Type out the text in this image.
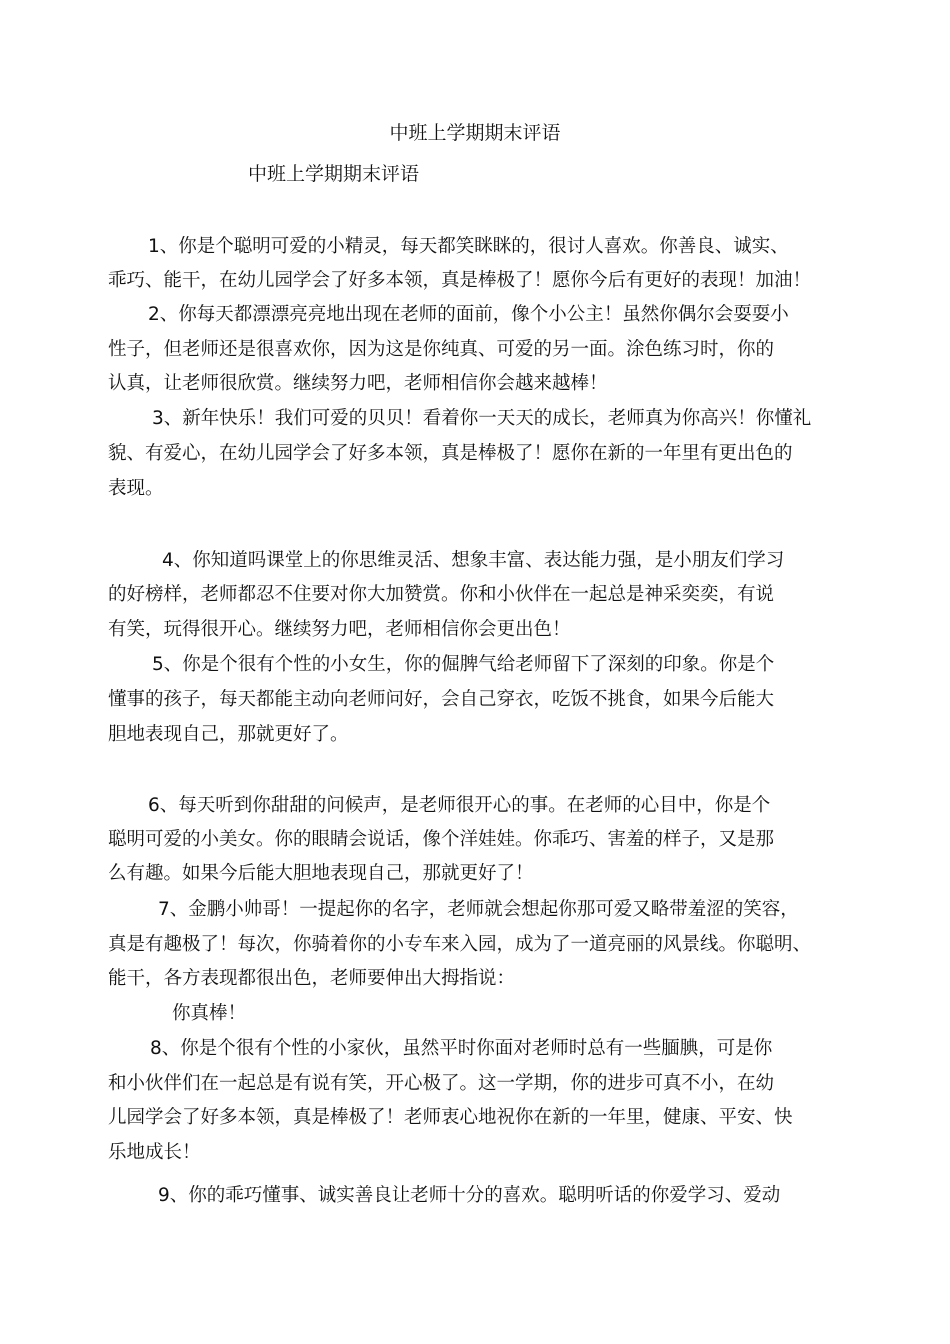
中班上学期期末评语
中班上学期期末评语
1、你是个聪明可爱的小精灵，每天都笑眯眯的，很讨人喜欢。你善良、诚实、
乖巧、能干，在幼儿园学会了好多本领，真是棒极了！愿你今后有更好的表现！加油！
2、你每天都漂漂亮亮地出现在老师的面前，像个小公主！虽然你偶尔会耍耍小
性子，但老师还是很喜欢你，因为这是你纯真、可爱的另一面。涂色练习时，你的
认真，让老师很欣赏。继续努力吧，老师相信你会越来越棒！
3、新年快乐！我们可爱的贝贝！看着你一天天的成长，老师真为你高兴！你懂礼
貌、有爱心，在幼儿园学会了好多本领，真是棒极了！愿你在新的一年里有更出色的
表现。
4、你知道吗课堂上的你思维灵活、想象丰富、表达能力强，是小朋友们学习
的好榜样，老师都忍不住要对你大加赞赏。你和小伙伴在一起总是神采奕奕，有说
有笑，玩得很开心。继续努力吧，老师相信你会更出色！
5、你是个很有个性的小女生，你的倔脾气给老师留下了深刻的印象。你是个
懂事的孩子，每天都能主动向老师问好，会自己穿衣，吃饭不挑食，如果今后能大
胆地表现自己，那就更好了。
6、每天听到你甜甜的问候声，是老师很开心的事。在老师的心目中，你是个
聪明可爱的小美女。你的眼睛会说话，像个洋娃娃。你乖巧、害羞的样子，又是那
么有趣。如果今后能大胆地表现自己，那就更好了！
7、金鹏小帅哥！一提起你的名字，老师就会想起你那可爱又略带羞涩的笑容，
真是有趣极了！每次，你骑着你的小专车来入园，成为了一道亮丽的风景线。你聪明、
能干，各方表现都很出色，老师要伸出大拇指说：
你真棒！
8、你是个很有个性的小家伙，虽然平时你面对老师时总有一些腼腆，可是你
和小伙伴们在一起总是有说有笑，开心极了。这一学期，你的进步可真不小，在幼
儿园学会了好多本领，真是棒极了！老师衷心地祝你在新的一年里，健康、平安、快
乐地成长！
9、你的乖巧懂事、诚实善良让老师十分的喜欢。聪明听话的你爱学习、爱动
